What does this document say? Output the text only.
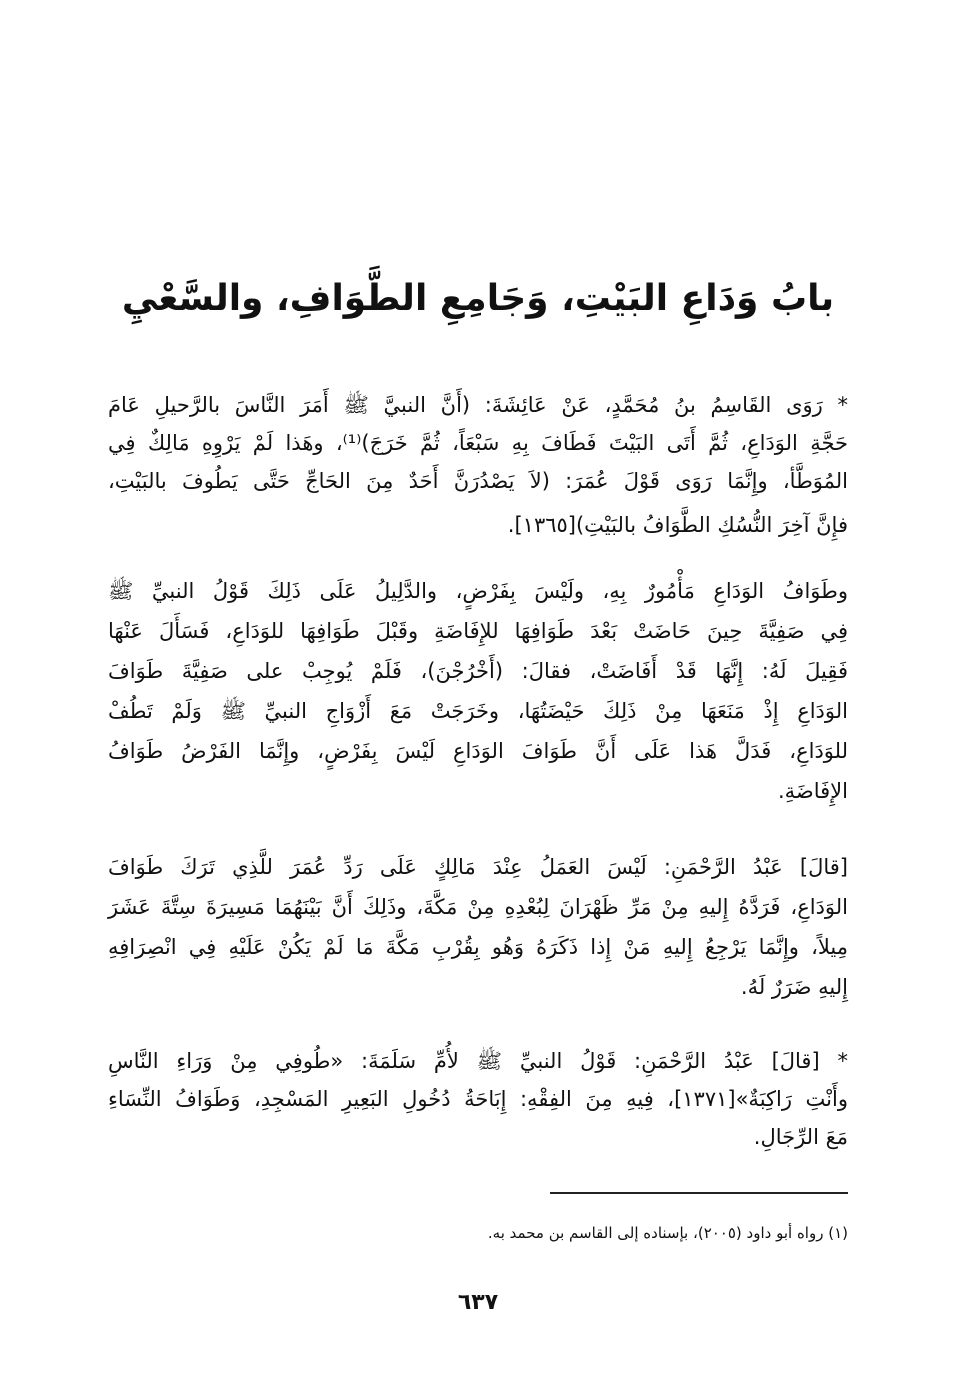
بابُ وَدَاعِ البَيْتِ، وَجَامِعِ الطَّوَافِ، والسَّعْيِ
* رَوَى القَاسِمُ بنُ مُحَمَّدٍ، عَنْ عَائِشَةَ: (أَنَّ النبيَّ ﷺ أَمَرَ النَّاسَ بالرَّحيلِ عَامَ
حَجَّةِ الوَدَاعِ، ثُمَّ أَتَى البَيْتَ فَطَافَ بِهِ سَبْعَاً، ثُمَّ خَرَجَ)⁽¹⁾، وهَذا لَمْ يَرْوِهِ مَالِكٌ فِي
المُوَطَّأ، وإِنَّمَا رَوَى قَوْلَ عُمَرَ: (لاَ يَصْدُرَنَّ أَحَدٌ مِنَ الحَاجِّ حَتَّى يَطُوفَ بالبَيْتِ،
فإِنَّ آخِرَ النُّسُكِ الطَّوَافُ بالبَيْتِ)[١٣٦٥].
وطَوَافُ الوَدَاعِ مَأْمُورٌ بِهِ، ولَيْسَ بِفَرْضٍ، والدَّلِيلُ عَلَى ذَلِكَ قَوْلُ النبيِّ ﷺ
فِي صَفِيَّةَ حِينَ حَاضَتْ بَعْدَ طَوَافِهَا للإِفَاضَةِ وقَبْلَ طَوَافِهَا للوَدَاعِ، فَسَأَلَ عَنْهَا
فَقِيلَ لَهُ: إِنَّهَا قَدْ أَفَاضَتْ، فقالَ: (أَخْرُجْنَ)، فَلَمْ يُوجِبْ على صَفِيَّةَ طَوَافَ
الوَدَاعِ إِذْ مَنَعَهَا مِنْ ذَلِكَ حَيْضَتُهَا، وخَرَجَتْ مَعَ أَزْوَاجِ النبيِّ ﷺ وَلَمْ تَطُفْ
للوَدَاعِ، فَدَلَّ هَذا عَلَى أَنَّ طَوَافَ الوَدَاعِ لَيْسَ بِفَرْضٍ، وإِنَّمَا الفَرْضُ طَوَافُ
الإِفَاضَةِ.
[قالَ] عَبْدُ الرَّحْمَنِ: لَيْسَ العَمَلُ عِنْدَ مَالِكٍ عَلَى رَدِّ عُمَرَ للَّذِي تَرَكَ طَوَافَ
الوَدَاعِ، فَرَدَّهُ إِليهِ مِنْ مَرِّ ظَهْرَانَ لِبُعْدِهِ مِنْ مَكَّةَ، وذَلِكَ أَنَّ بَيْنَهُمَا مَسِيرَةَ سِتَّةَ عَشَرَ
مِيلاً، وإِنَّمَا يَرْجِعُ إِليهِ مَنْ إِذا ذَكَرَهُ وَهُو بِقُرْبِ مَكَّةَ مَا لَمْ يَكُنْ عَلَيْهِ فِي انْصِرَافِهِ
إِليهِ ضَرَرٌ لَهُ.
* [قالَ] عَبْدُ الرَّحْمَنِ: قَوْلُ النبيِّ ﷺ لأُمِّ سَلَمَةَ: «طُوفِي مِنْ وَرَاءِ النَّاسِ
وأَنْتِ رَاكِبَةٌ»[١٣٧١]، فِيهِ مِنَ الفِقْهِ: إِبَاحَةُ دُخُولِ البَعِيرِ المَسْجِدِ، وَطَوَافُ النِّسَاءِ
مَعَ الرِّجَالِ.
(١) رواه أبو داود (٢٠٠٥)، بإسناده إلى القاسم بن محمد به.
٦٣٧
